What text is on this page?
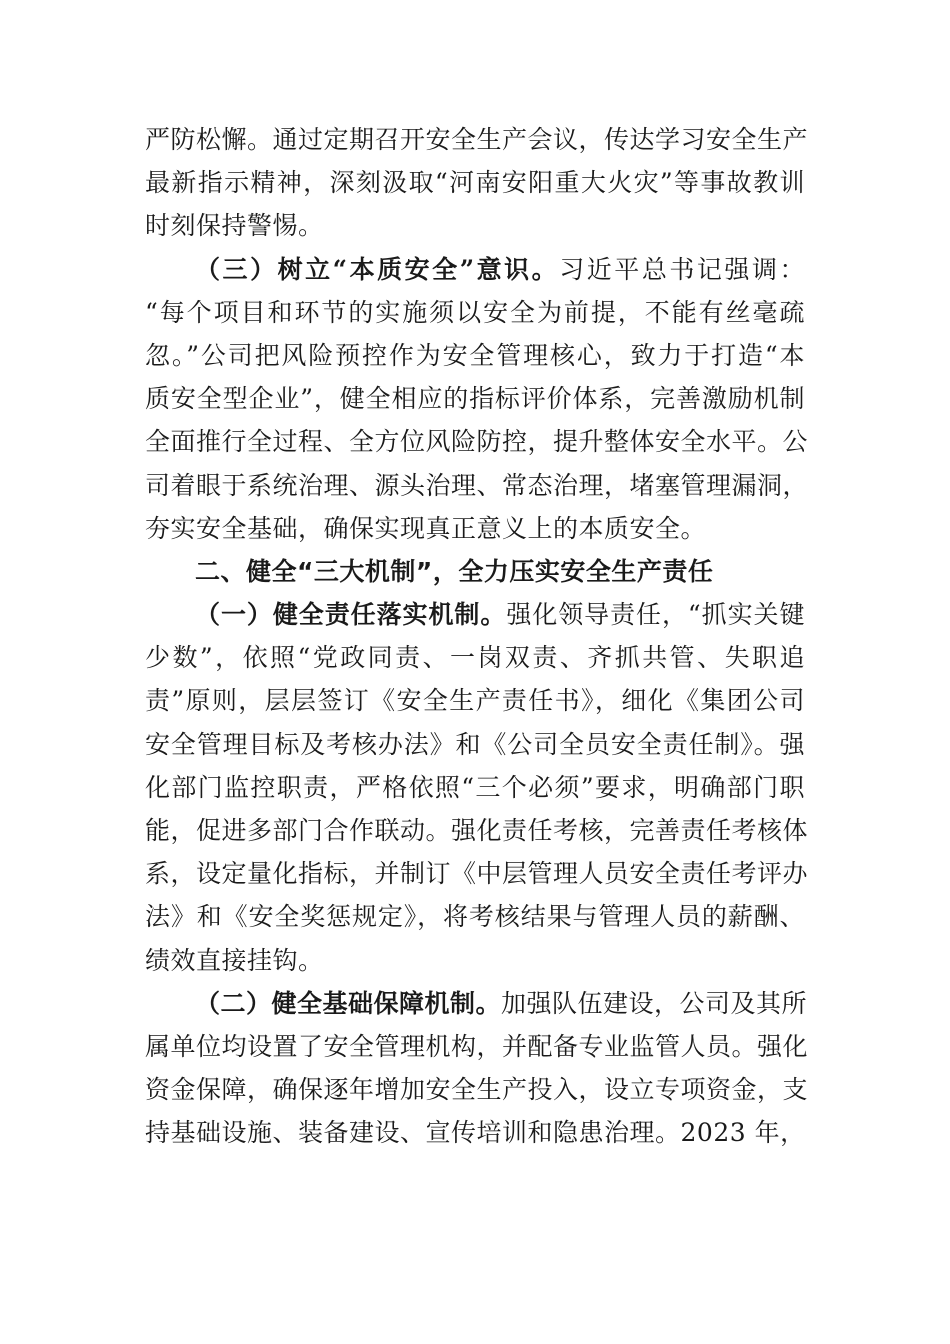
严防松懈。通过定期召开安全生产会议，传达学习安全生产
最新指示精神，深刻汲取“河南安阳重大火灾”等事故教训
时刻保持警惕。
（三）树立“本质安全”意识。习近平总书记强调：
“每个项目和环节的实施须以安全为前提，不能有丝毫疏
忽。”公司把风险预控作为安全管理核心，致力于打造“本
质安全型企业”，健全相应的指标评价体系，完善激励机制
全面推行全过程、全方位风险防控，提升整体安全水平。公
司着眼于系统治理、源头治理、常态治理，堵塞管理漏洞，
夯实安全基础，确保实现真正意义上的本质安全。
二、健全“三大机制”，全力压实安全生产责任
（一）健全责任落实机制。强化领导责任，“抓实关键
少数”，依照“党政同责、一岗双责、齐抓共管、失职追
责”原则，层层签订《安全生产责任书》，细化《集团公司
安全管理目标及考核办法》和《公司全员安全责任制》。强
化部门监控职责，严格依照“三个必须”要求，明确部门职
能，促进多部门合作联动。强化责任考核，完善责任考核体
系，设定量化指标，并制订《中层管理人员安全责任考评办
法》和《安全奖惩规定》，将考核结果与管理人员的薪酬、
绩效直接挂钩。
（二）健全基础保障机制。加强队伍建设，公司及其所
属单位均设置了安全管理机构，并配备专业监管人员。强化
资金保障，确保逐年增加安全生产投入，设立专项资金，支
持基础设施、装备建设、宣传培训和隐患治理。2023 年，
